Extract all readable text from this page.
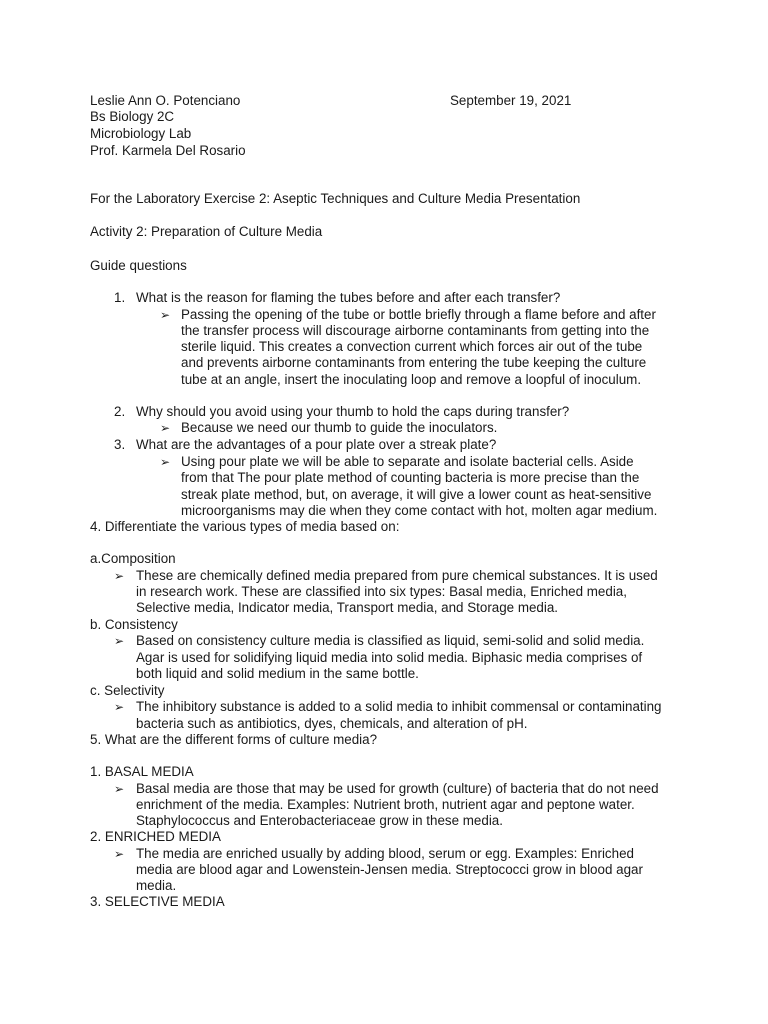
Leslie Ann O. Potenciano	September 19, 2021
Bs Biology 2C
Microbiology Lab
Prof. Karmela Del Rosario
For the Laboratory Exercise 2: Aseptic Techniques and Culture Media Presentation
Activity 2: Preparation of Culture Media
Guide questions
1. What is the reason for flaming the tubes before and after each transfer?
➢ Passing the opening of the tube or bottle briefly through a flame before and after
the transfer process will discourage airborne contaminants from getting into the
sterile liquid. This creates a convection current which forces air out of the tube
and prevents airborne contaminants from entering the tube keeping the culture
tube at an angle, insert the inoculating loop and remove a loopful of inoculum.
2. Why should you avoid using your thumb to hold the caps during transfer?
➢ Because we need our thumb to guide the inoculators.
3. What are the advantages of a pour plate over a streak plate?
➢ Using pour plate we will be able to separate and isolate bacterial cells. Aside
from that The pour plate method of counting bacteria is more precise than the
streak plate method, but, on average, it will give a lower count as heat-sensitive
microorganisms may die when they come contact with hot, molten agar medium.
4. Differentiate the various types of media based on:
a.Composition
➢ These are chemically defined media prepared from pure chemical substances. It is used
in research work. These are classified into six types: Basal media, Enriched media,
Selective media, Indicator media, Transport media, and Storage media.
b. Consistency
➢ Based on consistency culture media is classified as liquid, semi-solid and solid media.
Agar is used for solidifying liquid media into solid media. Biphasic media comprises of
both liquid and solid medium in the same bottle.
c. Selectivity
➢ The inhibitory substance is added to a solid media to inhibit commensal or contaminating
bacteria such as antibiotics, dyes, chemicals, and alteration of pH.
5. What are the different forms of culture media?
1. BASAL MEDIA
➢ Basal media are those that may be used for growth (culture) of bacteria that do not need
enrichment of the media. Examples: Nutrient broth, nutrient agar and peptone water.
Staphylococcus and Enterobacteriaceae grow in these media.
2. ENRICHED MEDIA
➢ The media are enriched usually by adding blood, serum or egg. Examples: Enriched
media are blood agar and Lowenstein-Jensen media. Streptococci grow in blood agar
media.
3. SELECTIVE MEDIA
